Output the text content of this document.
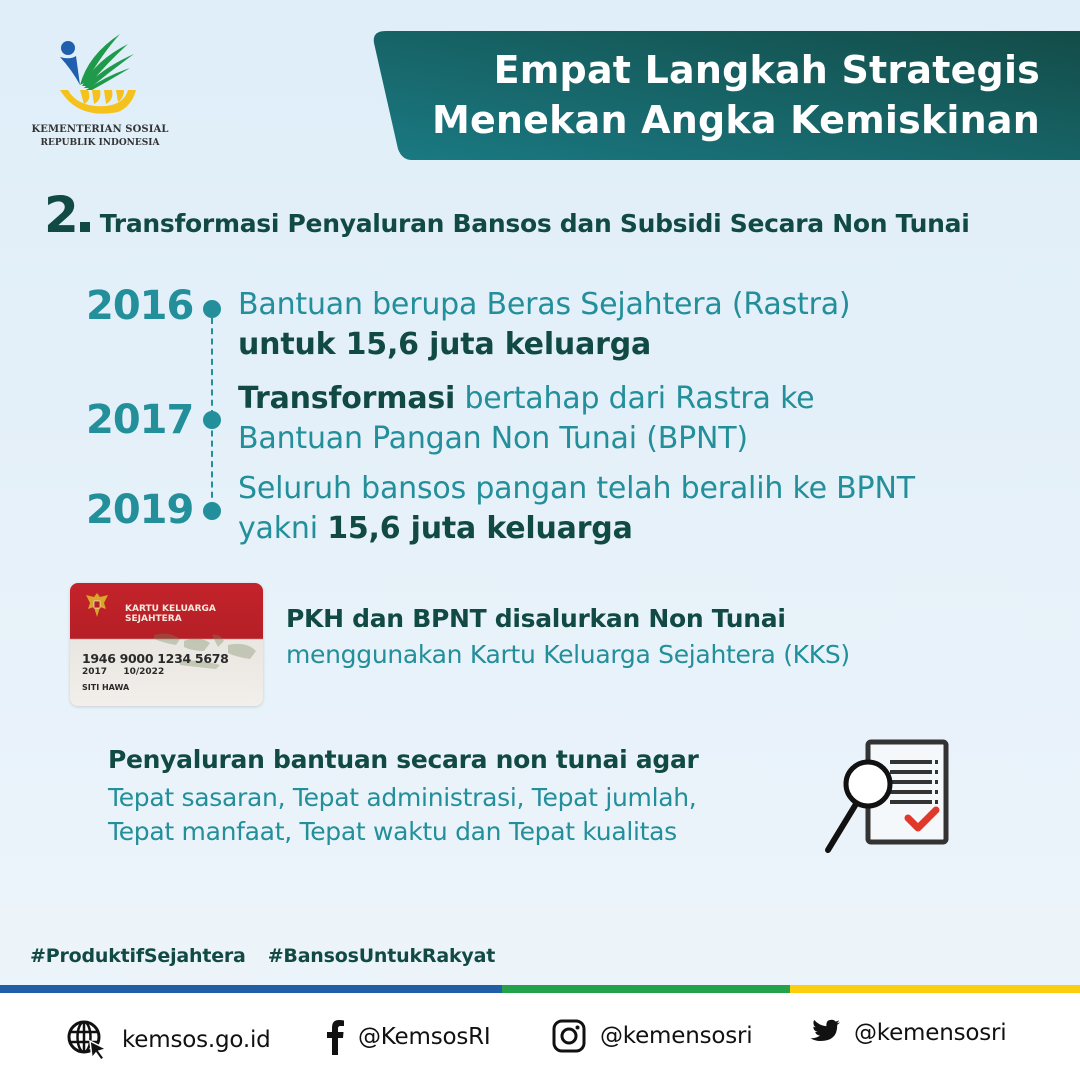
KEMENTERIAN SOSIAL
REPUBLIK INDONESIA
Empat Langkah Strategis
Menekan Angka Kemiskinan
2 Transformasi Penyaluran Bansos dan Subsidi Secara Non Tunai
2016 Bantuan berupa Beras Sejahtera (Rastra)
untuk 15,6 juta keluarga
2017 Transformasi bertahap dari Rastra ke
Bantuan Pangan Non Tunai (BPNT)
2019 Seluruh bansos pangan telah beralih ke BPNT
yakni 15,6 juta keluarga
KARTU KELUARGA SEJAHTERA
1946 9000 1234 5678
2017 10/2022
SITI HAWA
PKH dan BPNT disalurkan Non Tunai
menggunakan Kartu Keluarga Sejahtera (KKS)
Penyaluran bantuan secara non tunai agar
Tepat sasaran, Tepat administrasi, Tepat jumlah,
Tepat manfaat, Tepat waktu dan Tepat kualitas
#ProduktifSejahtera #BansosUntukRakyat
kemsos.go.id	@KemsosRI	@kemensosri	@kemensosri
